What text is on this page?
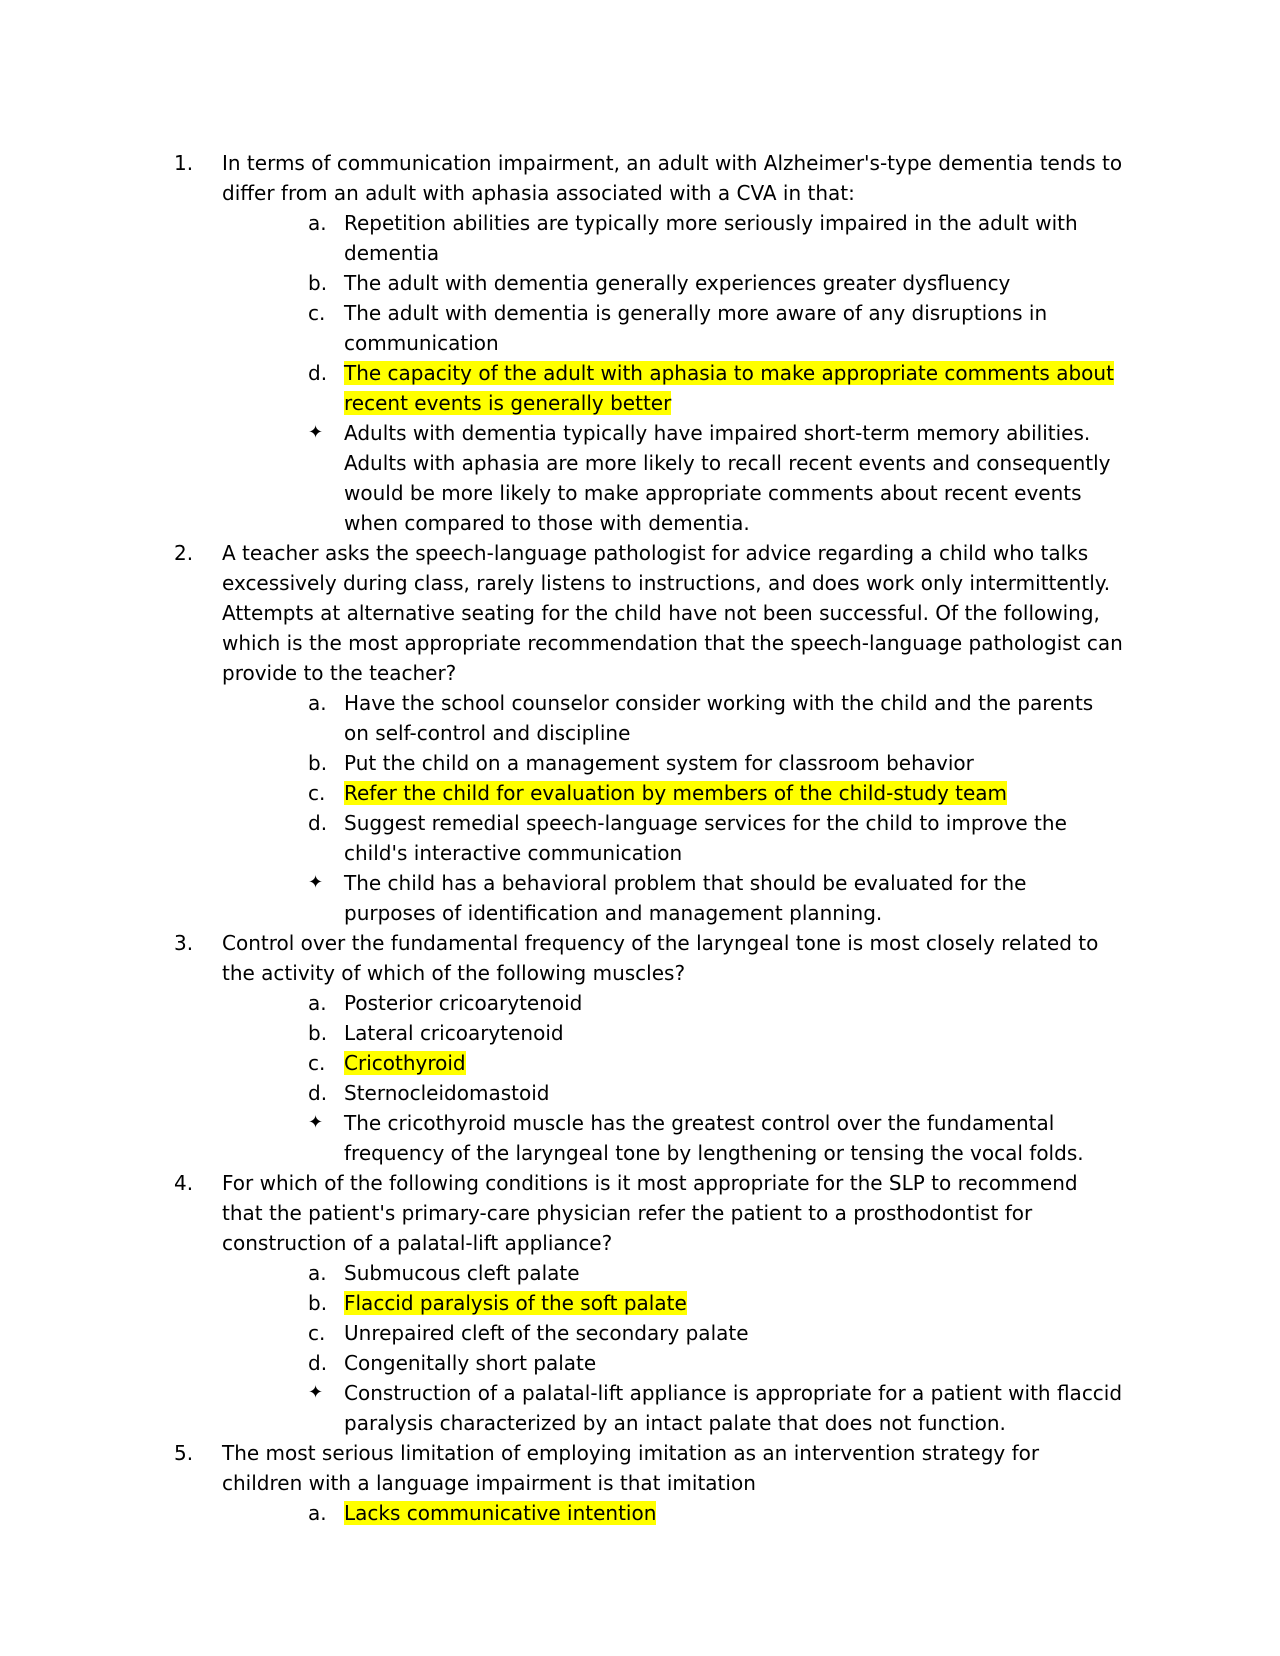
1. In terms of communication impairment, an adult with Alzheimer's-type dementia tends to differ from an adult with aphasia associated with a CVA in that:
a. Repetition abilities are typically more seriously impaired in the adult with dementia
b. The adult with dementia generally experiences greater dysfluency
c. The adult with dementia is generally more aware of any disruptions in communication
d. The capacity of the adult with aphasia to make appropriate comments about recent events is generally better
✦ Adults with dementia typically have impaired short-term memory abilities. Adults with aphasia are more likely to recall recent events and consequently would be more likely to make appropriate comments about recent events when compared to those with dementia.
2. A teacher asks the speech-language pathologist for advice regarding a child who talks excessively during class, rarely listens to instructions, and does work only intermittently. Attempts at alternative seating for the child have not been successful. Of the following, which is the most appropriate recommendation that the speech-language pathologist can provide to the teacher?
a. Have the school counselor consider working with the child and the parents on self-control and discipline
b. Put the child on a management system for classroom behavior
c. Refer the child for evaluation by members of the child-study team
d. Suggest remedial speech-language services for the child to improve the child's interactive communication
✦ The child has a behavioral problem that should be evaluated for the purposes of identification and management planning.
3. Control over the fundamental frequency of the laryngeal tone is most closely related to the activity of which of the following muscles?
a. Posterior cricoarytenoid
b. Lateral cricoarytenoid
c. Cricothyroid
d. Sternocleidomastoid
✦ The cricothyroid muscle has the greatest control over the fundamental frequency of the laryngeal tone by lengthening or tensing the vocal folds.
4. For which of the following conditions is it most appropriate for the SLP to recommend that the patient's primary-care physician refer the patient to a prosthodontist for construction of a palatal-lift appliance?
a. Submucous cleft palate
b. Flaccid paralysis of the soft palate
c. Unrepaired cleft of the secondary palate
d. Congenitally short palate
✦ Construction of a palatal-lift appliance is appropriate for a patient with flaccid paralysis characterized by an intact palate that does not function.
5. The most serious limitation of employing imitation as an intervention strategy for children with a language impairment is that imitation
a. Lacks communicative intention
